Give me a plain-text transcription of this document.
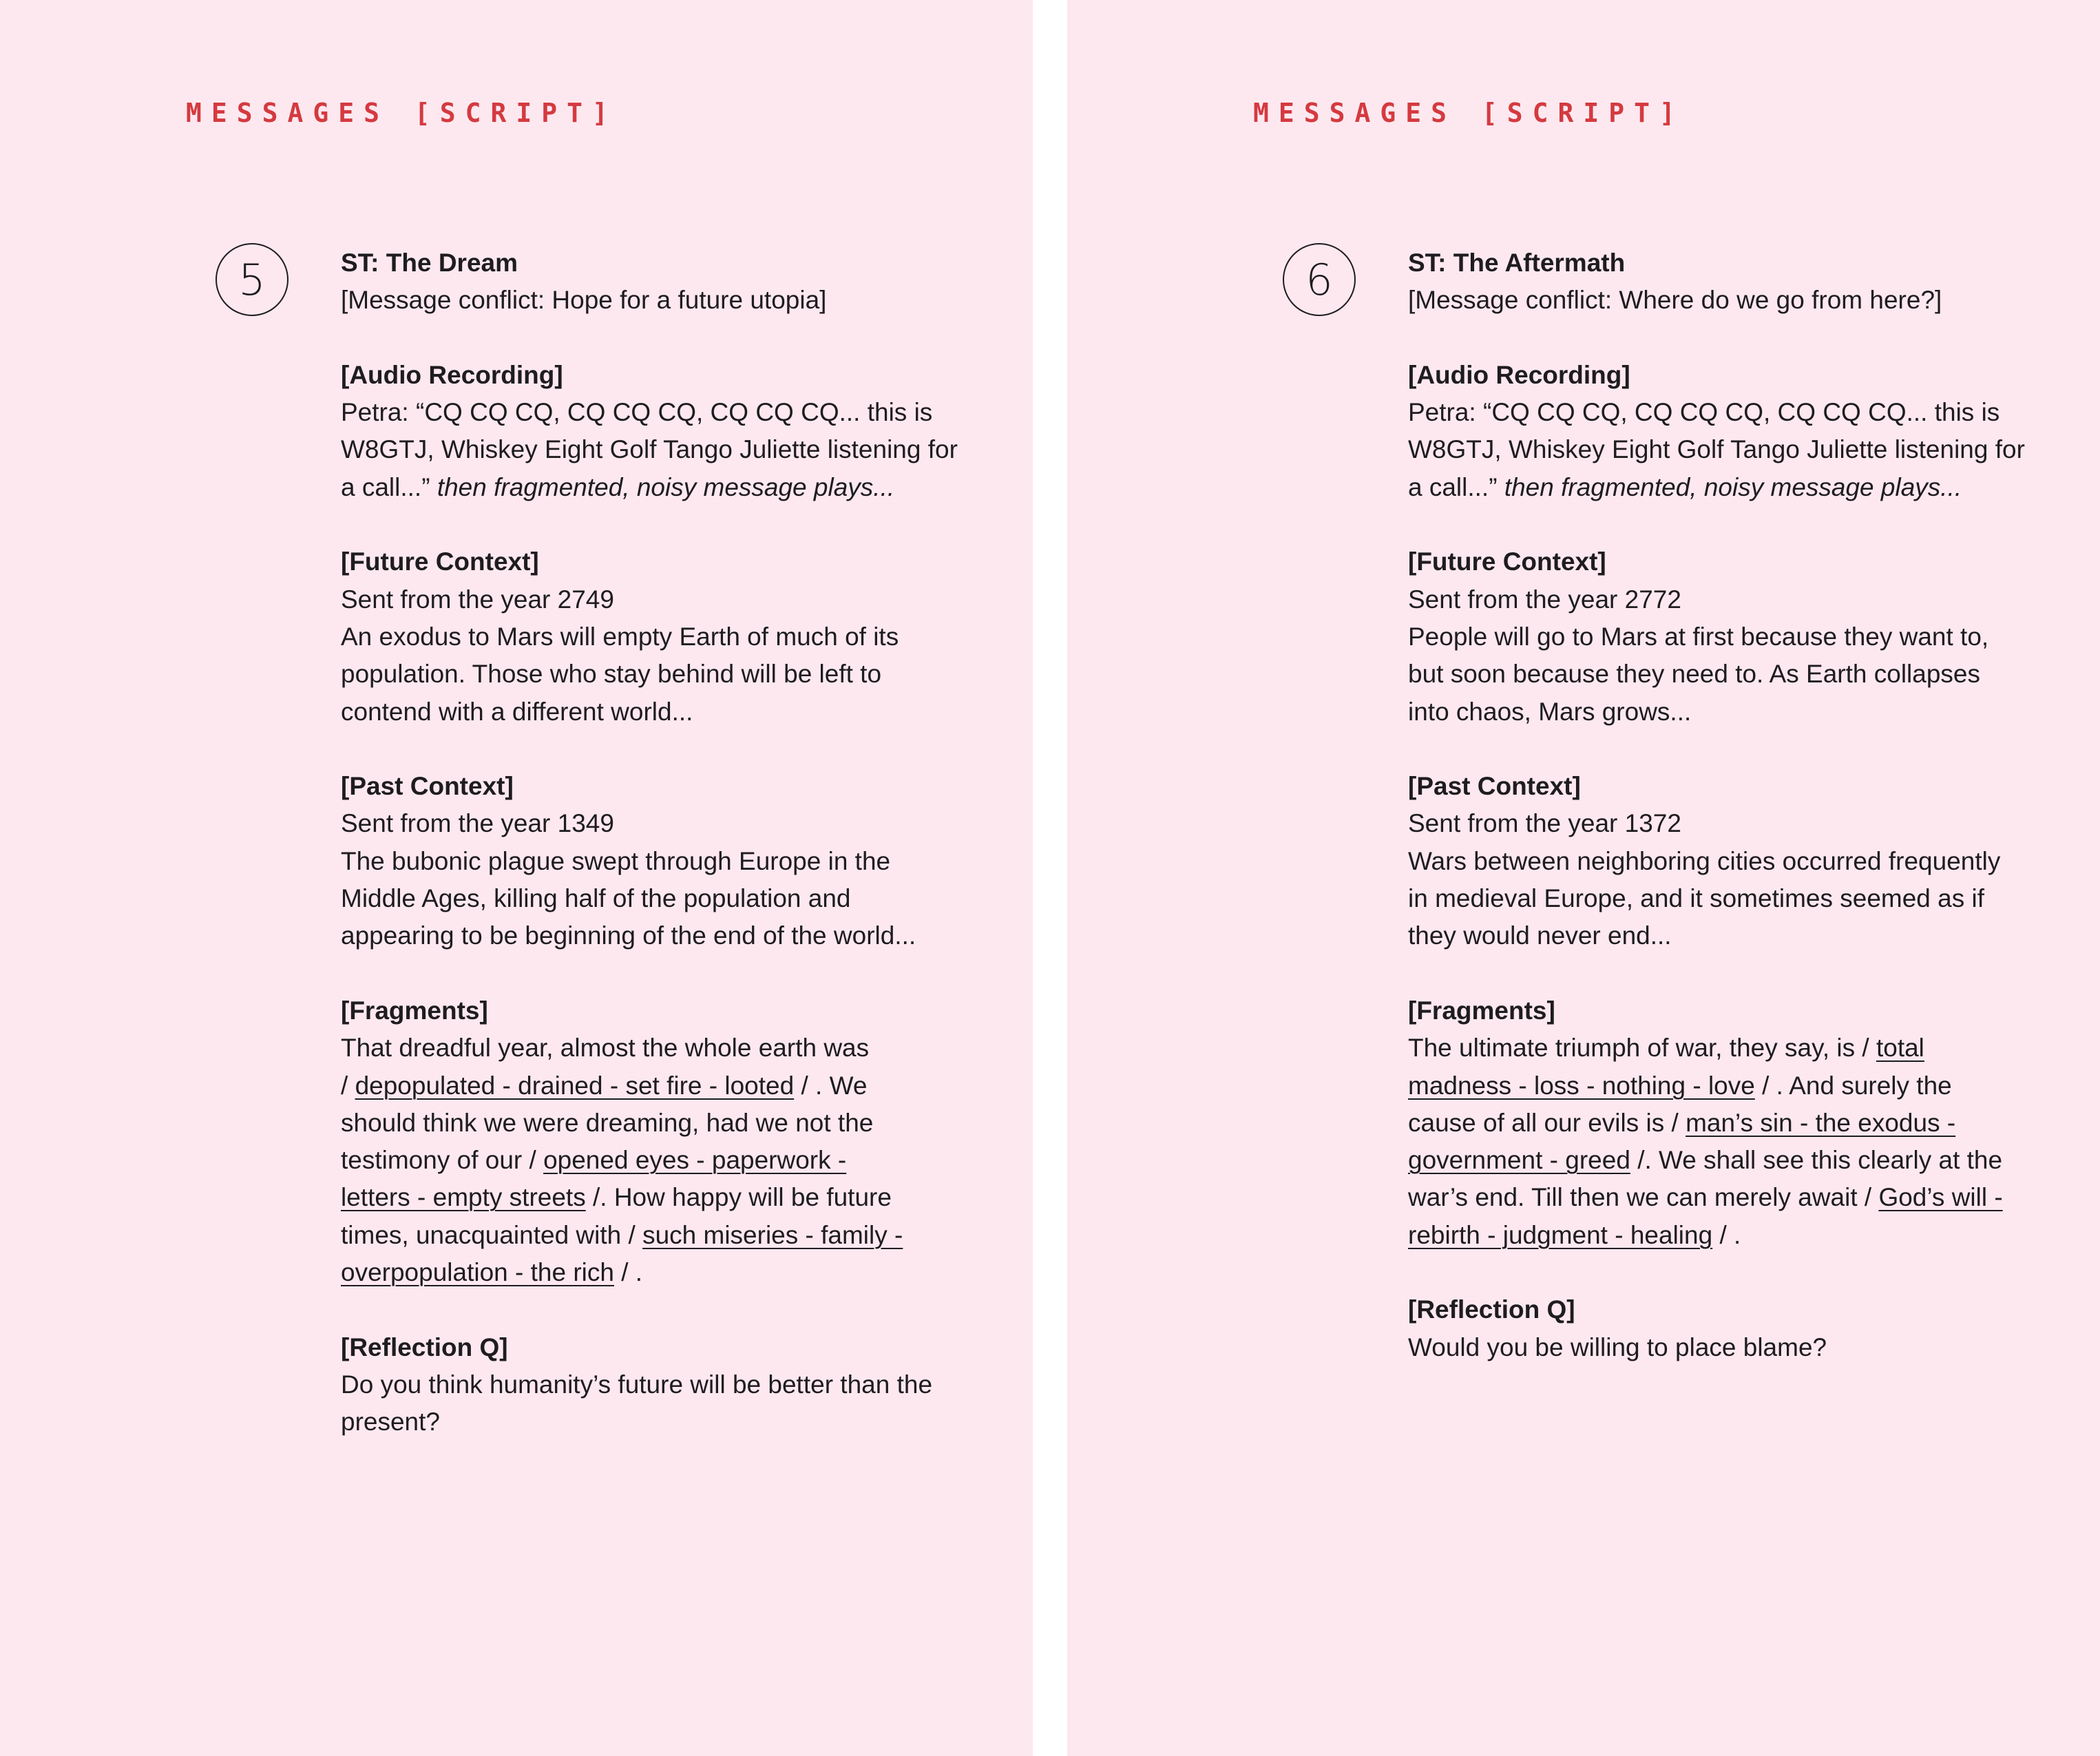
MESSAGES [SCRIPT]
5	ST: The Dream

[Message conflict: Hope for a future utopia]

[Audio Recording]

Petra: “CQ CQ CQ, CQ CQ CQ, CQ CQ CQ... this is

W8GTJ, Whiskey Eight Golf Tango Juliette listening for

a call...” then fragmented, noisy message plays...

[Future Context]

Sent from the year 2749

An exodus to Mars will empty Earth of much of its

population. Those who stay behind will be left to

contend with a different world...

[Past Context]

Sent from the year 1349

The bubonic plague swept through Europe in the

Middle Ages, killing half of the population and

appearing to be beginning of the end of the world...

[Fragments]

That dreadful year, almost the whole earth was

/ depopulated - drained - set fire - looted / . We

should think we were dreaming, had we not the

testimony of our / opened eyes - paperwork -

letters - empty streets /. How happy will be future

times, unacquainted with / such miseries - family -

overpopulation - the rich / .

[Reflection Q]

Do you think humanity’s future will be better than the

present?

MESSAGES [SCRIPT]
6	ST: The Aftermath

[Message conflict: Where do we go from here?]

[Audio Recording]

Petra: “CQ CQ CQ, CQ CQ CQ, CQ CQ CQ... this is

W8GTJ, Whiskey Eight Golf Tango Juliette listening for

a call...” then fragmented, noisy message plays...

[Future Context]

Sent from the year 2772

People will go to Mars at first because they want to,

but soon because they need to. As Earth collapses

into chaos, Mars grows...

[Past Context]

Sent from the year 1372

Wars between neighboring cities occurred frequently

in medieval Europe, and it sometimes seemed as if

they would never end...

[Fragments]

The ultimate triumph of war, they say, is / total

madness - loss - nothing - love / . And surely the

cause of all our evils is / man’s sin - the exodus -

government - greed /. We shall see this clearly at the

war’s end. Till then we can merely await / God’s will -

rebirth - judgment - healing / .

[Reflection Q]

Would you be willing to place blame?
